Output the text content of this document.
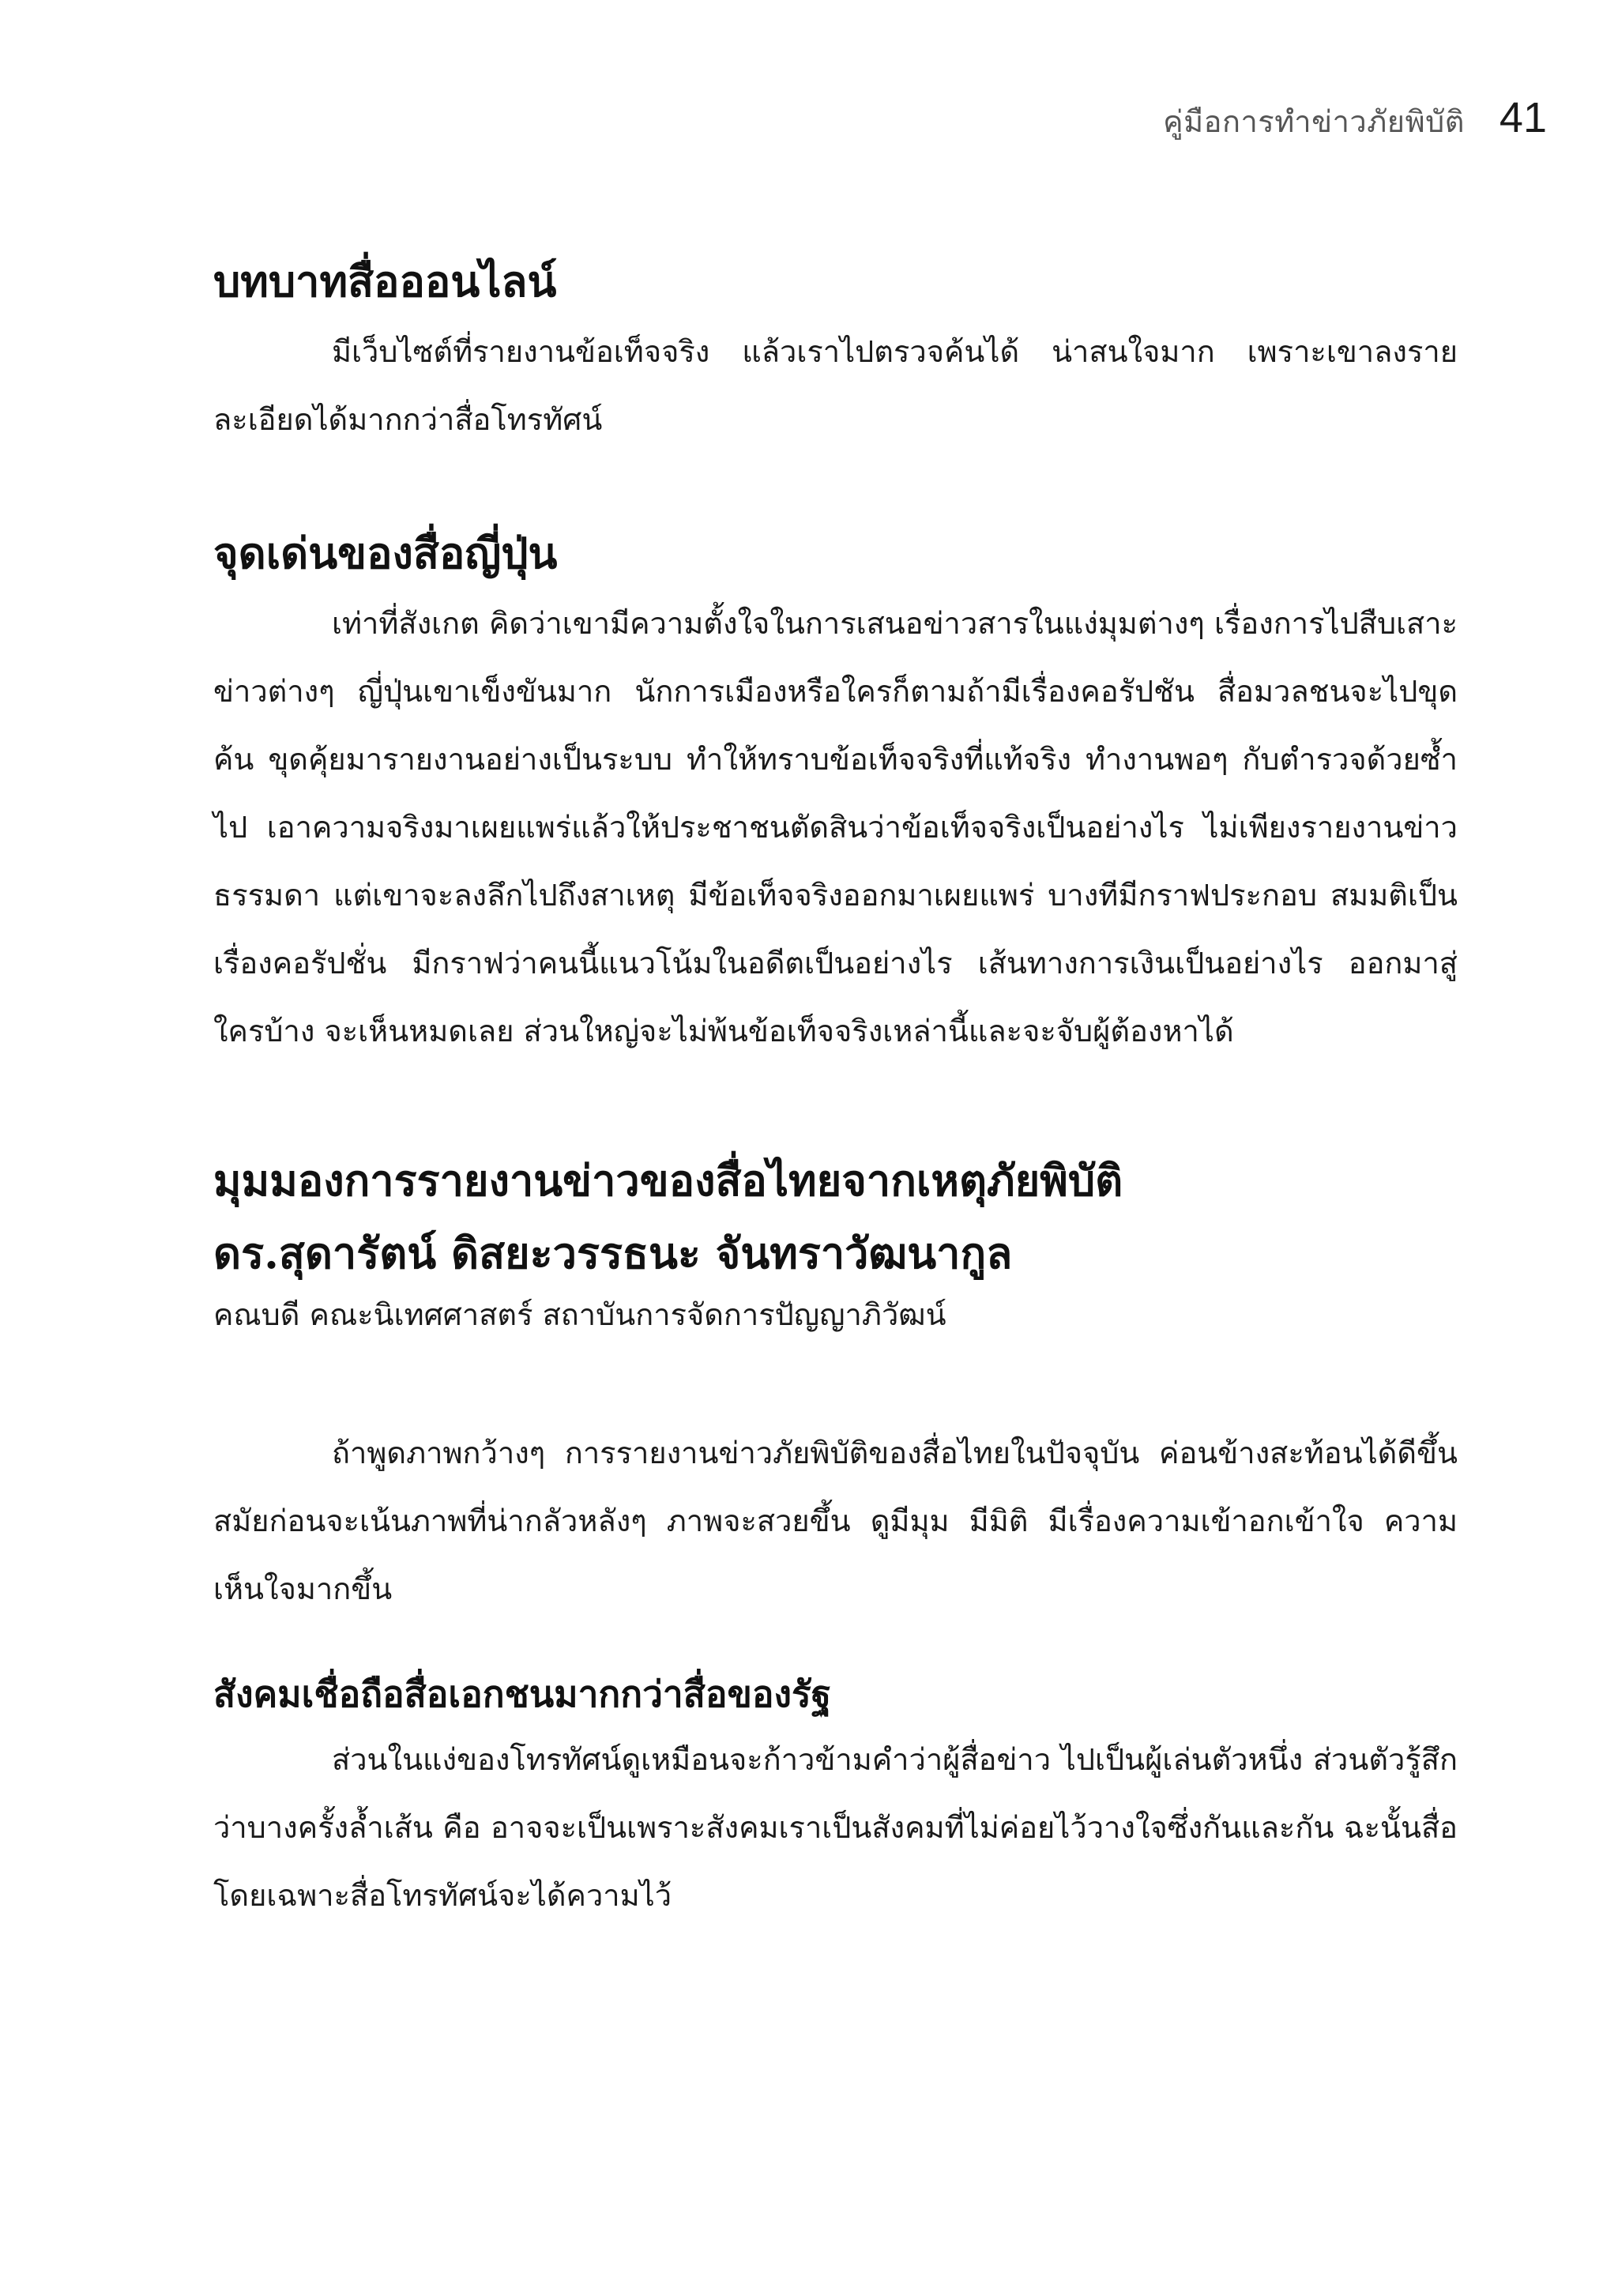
คู่มือการทำข่าวภัยพิบัติ 41
บทบาทสื่อออนไลน์

มีเว็บไซต์ที่รายงานข้อเท็จจริง แล้วเราไปตรวจค้นได้ น่าสนใจมาก เพราะเขาลงรายละเอียดได้มากกว่าสื่อโทรทัศน์

จุดเด่นของสื่อญี่ปุ่น

เท่าที่สังเกต คิดว่าเขามีความตั้งใจในการเสนอข่าวสารในแง่มุมต่างๆ เรื่องการไปสืบเสาะข่าวต่างๆ ญี่ปุ่นเขาเข็งขันมาก นักการเมืองหรือใครก็ตามถ้ามีเรื่องคอรัปชัน สื่อมวลชนจะไปขุดค้น ขุดคุ้ยมารายงานอย่างเป็นระบบ ทำให้ทราบข้อเท็จจริงที่แท้จริง ทำงานพอๆ กับตำรวจด้วยซ้ำไป เอาความจริงมาเผยแพร่แล้วให้ประชาชนตัดสินว่าข้อเท็จจริงเป็นอย่างไร ไม่เพียงรายงานข่าวธรรมดา แต่เขาจะลงลึกไปถึงสาเหตุ มีข้อเท็จจริงออกมาเผยแพร่ บางทีมีกราฟประกอบ สมมติเป็นเรื่องคอรัปชั่น มีกราฟว่าคนนี้แนวโน้มในอดีตเป็นอย่างไร เส้นทางการเงินเป็นอย่างไร ออกมาสู่ใครบ้าง จะเห็นหมดเลย ส่วนใหญ่จะไม่พ้นข้อเท็จจริงเหล่านี้และจะจับผู้ต้องหาได้

มุมมองการรายงานข่าวของสื่อไทยจากเหตุภัยพิบัติ
ดร.สุดารัตน์ ดิสยะวรรธนะ จันทราวัฒนากูล

คณบดี คณะนิเทศศาสตร์ สถาบันการจัดการปัญญาภิวัฒน์

ถ้าพูดภาพกว้างๆ การรายงานข่าวภัยพิบัติของสื่อไทยในปัจจุบัน ค่อนข้างสะท้อนได้ดีขึ้น สมัยก่อนจะเน้นภาพที่น่ากลัวหลังๆ ภาพจะสวยขึ้น ดูมีมุม มีมิติ มีเรื่องความเข้าอกเข้าใจ ความเห็นใจมากขึ้น

สังคมเชื่อถือสื่อเอกชนมากกว่าสื่อของรัฐ

ส่วนในแง่ของโทรทัศน์ดูเหมือนจะก้าวข้ามคำว่าผู้สื่อข่าว ไปเป็นผู้เล่นตัวหนึ่ง ส่วนตัวรู้สึกว่าบางครั้งล้ำเส้น คือ อาจจะเป็นเพราะสังคมเราเป็นสังคมที่ไม่ค่อยไว้วางใจซึ่งกันและกัน ฉะนั้นสื่อ โดยเฉพาะสื่อโทรทัศน์จะได้ความไว้
